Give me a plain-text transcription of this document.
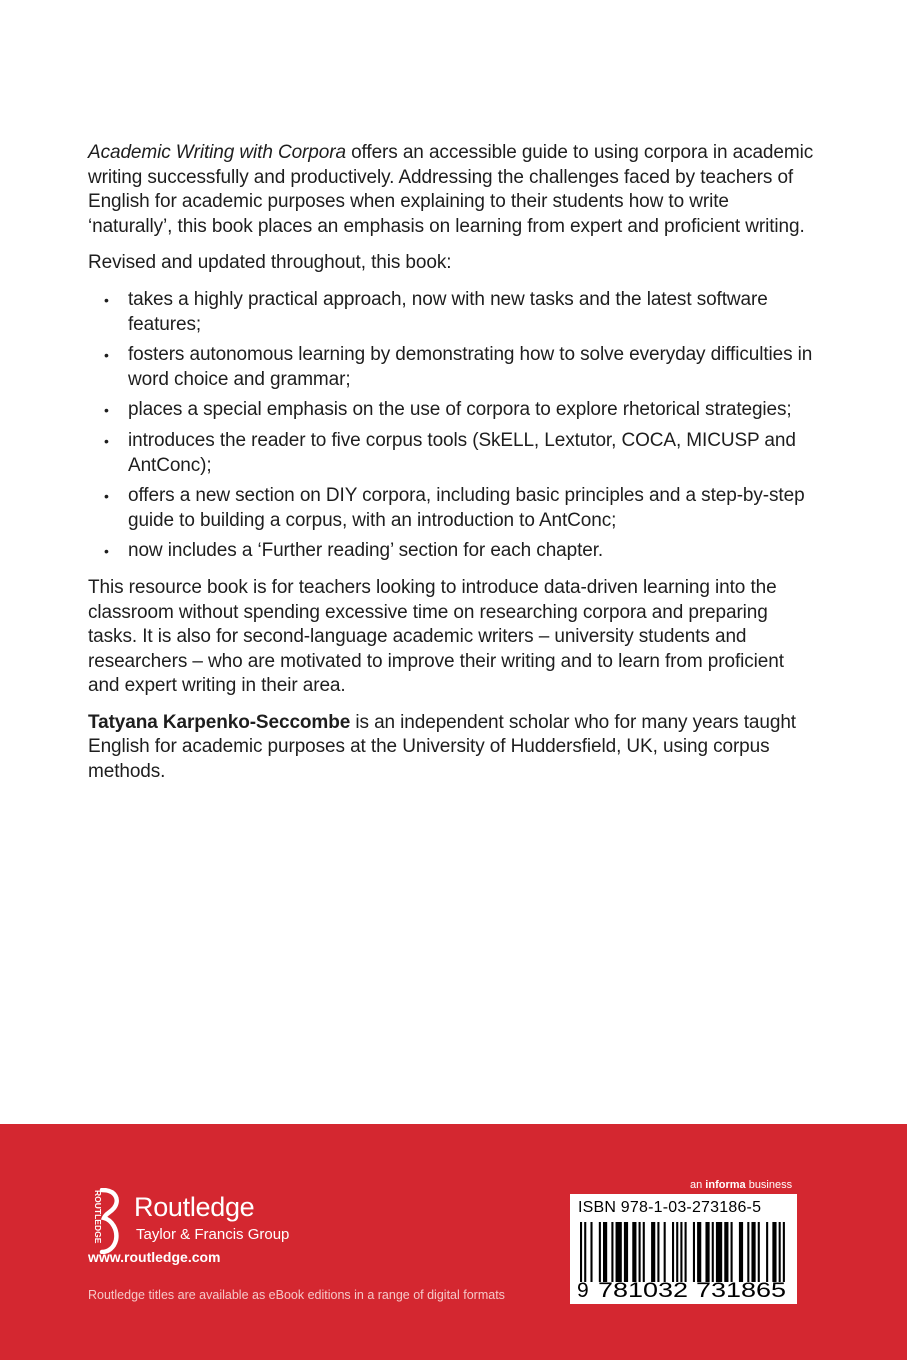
Academic Writing with Corpora offers an accessible guide to using corpora in academic writing successfully and productively. Addressing the challenges faced by teachers of English for academic purposes when explaining to their students how to write ‘naturally’, this book places an emphasis on learning from expert and proficient writing.

Revised and updated throughout, this book:

• takes a highly practical approach, now with new tasks and the latest software features;
• fosters autonomous learning by demonstrating how to solve everyday difficulties in word choice and grammar;
• places a special emphasis on the use of corpora to explore rhetorical strategies;
• introduces the reader to five corpus tools (SkELL, Lextutor, COCA, MICUSP and AntConc);
• offers a new section on DIY corpora, including basic principles and a step-by-step guide to building a corpus, with an introduction to AntConc;
• now includes a ‘Further reading’ section for each chapter.

This resource book is for teachers looking to introduce data-driven learning into the classroom without spending excessive time on researching corpora and preparing tasks. It is also for second-language academic writers – university students and researchers – who are motivated to improve their writing and to learn from proficient and expert writing in their area.

Tatyana Karpenko-Seccombe is an independent scholar who for many years taught English for academic purposes at the University of Huddersfield, UK, using corpus methods.

ROUTLEDGE Routledge
Taylor & Francis Group
www.routledge.com
Routledge titles are available as eBook editions in a range of digital formats
an informa business
ISBN 978-1-03-273186-5
9 781032 731865
